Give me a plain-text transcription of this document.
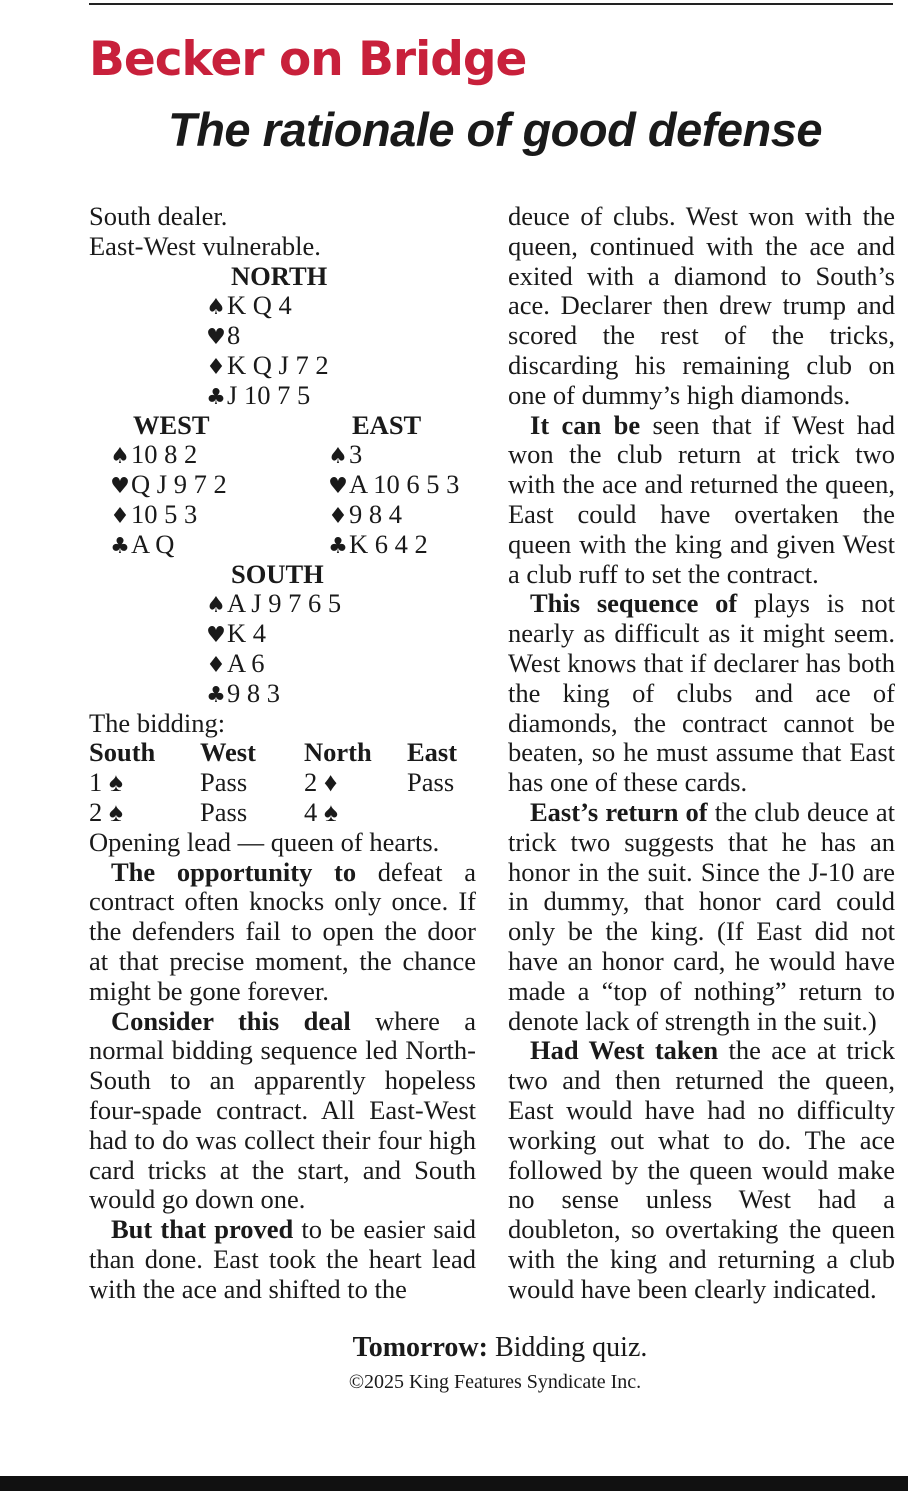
Becker on Bridge
The rationale of good defense
South dealer.
East-West vulnerable.
NORTH
♠K Q 4
♥8
♦K Q J 7 2
♣J 10 7 5
WEST	EAST
♠10 8 2	♠3
♥Q J 9 7 2	♥A 10 6 5 3
♦10 5 3	♦9 8 4
♣A Q	♣K 6 4 2
SOUTH
♠A J 9 7 6 5
♥K 4
♦A 6
♣9 8 3
The bidding:
South West North East
1 ♠	Pass 2 ♦	Pass
2 ♠	Pass 4 ♠
Opening lead — queen of hearts.

The opportunity to defeat a contract often knocks only once. If the defenders fail to open the door at that precise moment, the chance might be gone forever.

Consider this deal where a normal bidding sequence led North-South to an apparently hopeless four-spade contract. All East-West had to do was collect their four high card tricks at the start, and South would go down one.

But that proved to be easier said than done. East took the heart lead with the ace and shifted to the

deuce of clubs. West won with the queen, continued with the ace and exited with a diamond to South’s ace. Declarer then drew trump and scored the rest of the tricks, discarding his remaining club on one of dummy’s high diamonds.

It can be seen that if West had won the club return at trick two with the ace and returned the queen, East could have overtaken the queen with the king and given West a club ruff to set the contract.

This sequence of plays is not nearly as difficult as it might seem. West knows that if declarer has both the king of clubs and ace of diamonds, the contract cannot be beaten, so he must assume that East has one of these cards.

East’s return of the club deuce at trick two suggests that he has an honor in the suit. Since the J-10 are in dummy, that honor card could only be the king. (If East did not have an honor card, he would have made a “top of nothing” return to denote lack of strength in the suit.)

Had West taken the ace at trick two and then returned the queen, East would have had no difficulty working out what to do. The ace followed by the queen would make no sense unless West had a doubleton, so overtaking the queen with the king and returning a club would have been clearly indicated.

Tomorrow: Bidding quiz.
©2025 King Features Syndicate Inc.
